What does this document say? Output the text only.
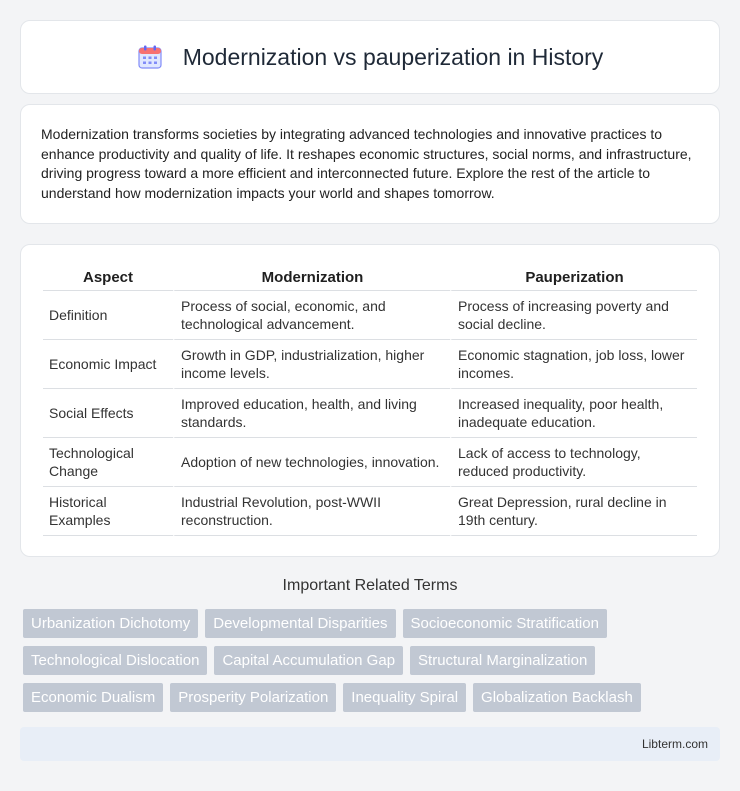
Modernization vs pauperization in History

Modernization transforms societies by integrating advanced technologies and innovative practices to enhance productivity and quality of life. It reshapes economic structures, social norms, and infrastructure, driving progress toward a more efficient and interconnected future. Explore the rest of the article to understand how modernization impacts your world and shapes tomorrow.

Aspect	Modernization	Pauperization
Definition	Process of social, economic, and technological advancement.	Process of increasing poverty and social decline.
Economic Impact	Growth in GDP, industrialization, higher income levels.	Economic stagnation, job loss, lower incomes.
Social Effects	Improved education, health, and living standards.	Increased inequality, poor health, inadequate education.
Technological Change	Adoption of new technologies, innovation.	Lack of access to technology, reduced productivity.
Historical Examples	Industrial Revolution, post-WWII reconstruction.	Great Depression, rural decline in 19th century.
Important Related Terms
Urbanization Dichotomy	Developmental Disparities	Socioeconomic Stratification
Technological Dislocation	Capital Accumulation Gap	Structural Marginalization
Economic Dualism	Prosperity Polarization	Inequality Spiral	Globalization Backlash
Libterm.com
